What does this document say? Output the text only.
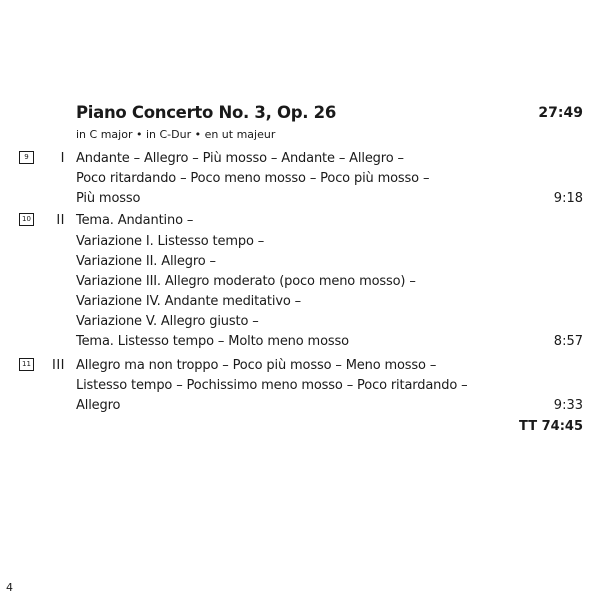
Piano Concerto No. 3, Op. 26	27:49
in C major • in C-Dur • en ut majeur
9	I Andante – Allegro – Più mosso – Andante – Allegro –
Poco ritardando – Poco meno mosso – Poco più mosso –
Più mosso	9:18
10	II Tema. Andantino –
Variazione I. Listesso tempo –
Variazione II. Allegro –
Variazione III. Allegro moderato (poco meno mosso) –
Variazione IV. Andante meditativo –
Variazione V. Allegro giusto –
Tema. Listesso tempo – Molto meno mosso	8:57
11	III Allegro ma non troppo – Poco più mosso – Meno mosso –
Listesso tempo – Pochissimo meno mosso – Poco ritardando –
Allegro	9:33
TT 74:45
4
